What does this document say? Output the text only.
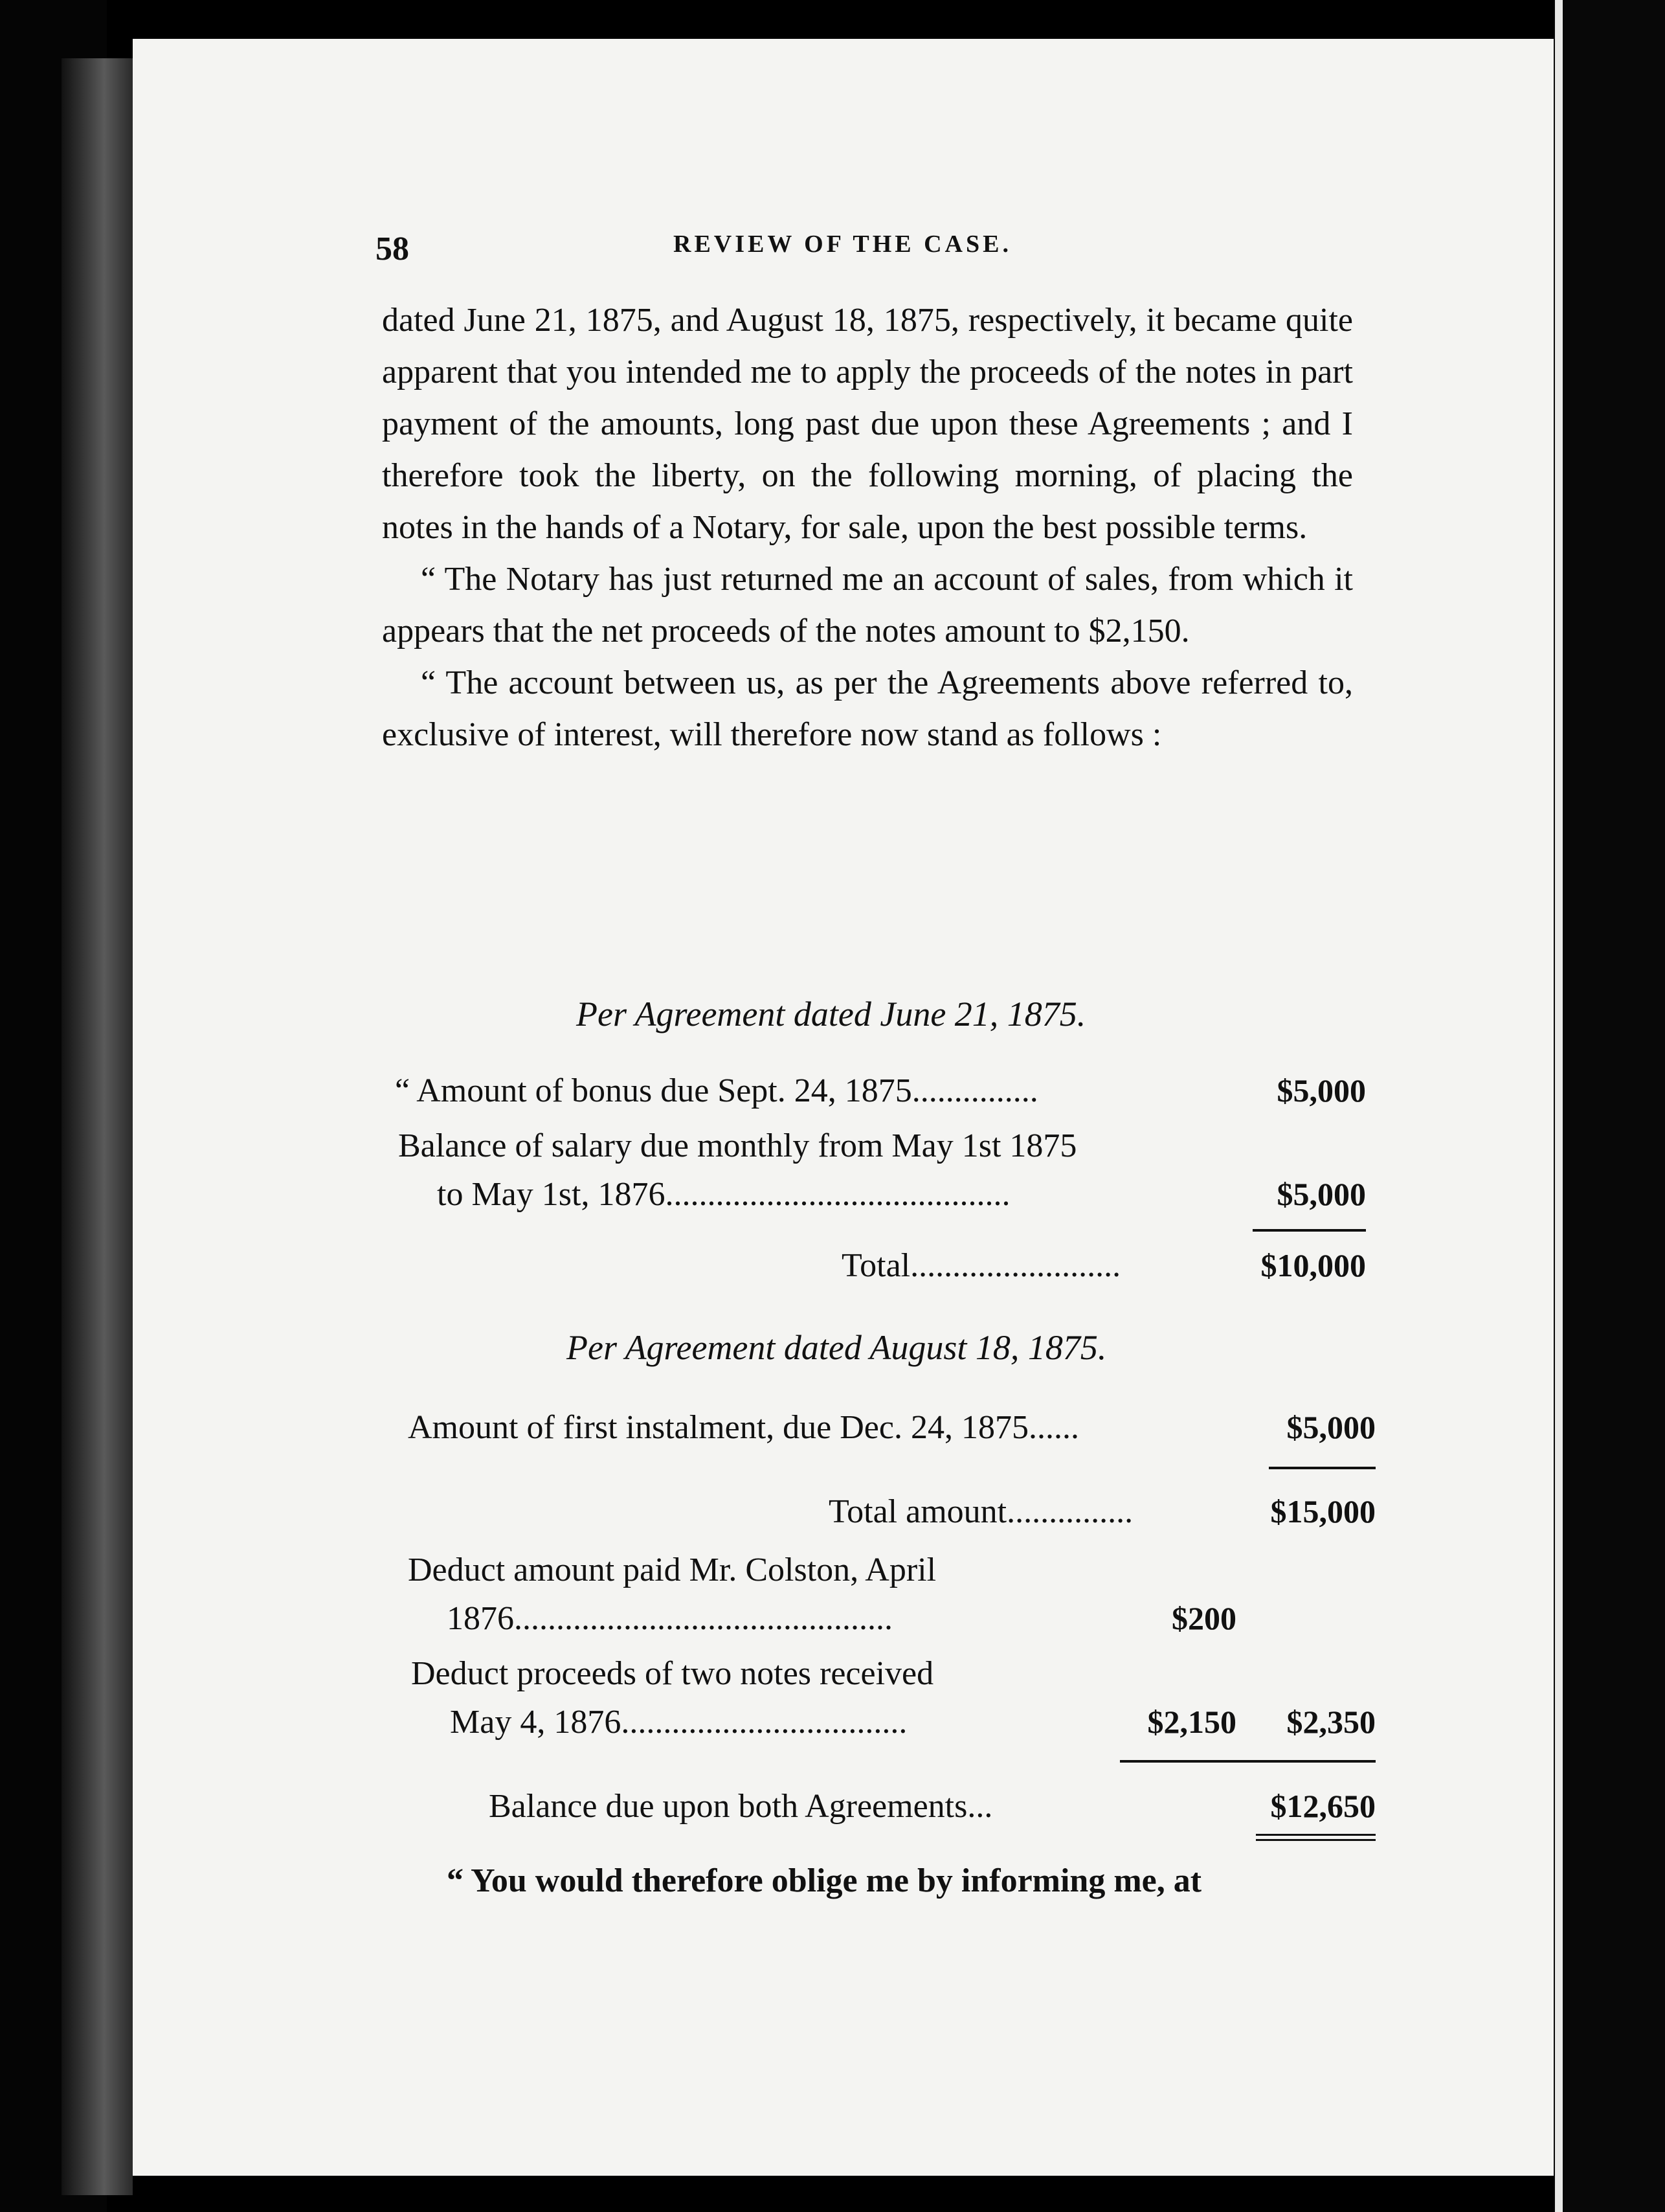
58	REVIEW OF THE CASE.

dated June 21, 1875, and August 18, 1875, respectively, it became quite apparent that you intended me to apply the proceeds of the notes in part payment of the amounts, long past due upon these Agreements ; and I therefore took the liberty, on the following morning, of placing the notes in the hands of a Notary, for sale, upon the best possible terms.

“ The Notary has just returned me an account of sales, from which it appears that the net proceeds of the notes amount to $2,150.

“ The account between us, as per the Agreements above referred to, exclusive of interest, will therefore now stand as follows :

Per Agreement dated June 21, 1875.
“ Amount of bonus due Sept. 24, 1875...............	$5,000
Balance of salary due monthly from May 1st 1875
to May 1st, 1876.........................................	$5,000
Total.........................	$10,000
Per Agreement dated August 18, 1875.
Amount of first instalment, due Dec. 24, 1875......	$5,000
Total amount...............	$15,000
Deduct amount paid Mr. Colston, April
1876.............................................	$200
Deduct proceeds of two notes received
May 4, 1876..................................	$2,150	$2,350
Balance due upon both Agreements...	$12,650
“ You would therefore oblige me by informing me, at
